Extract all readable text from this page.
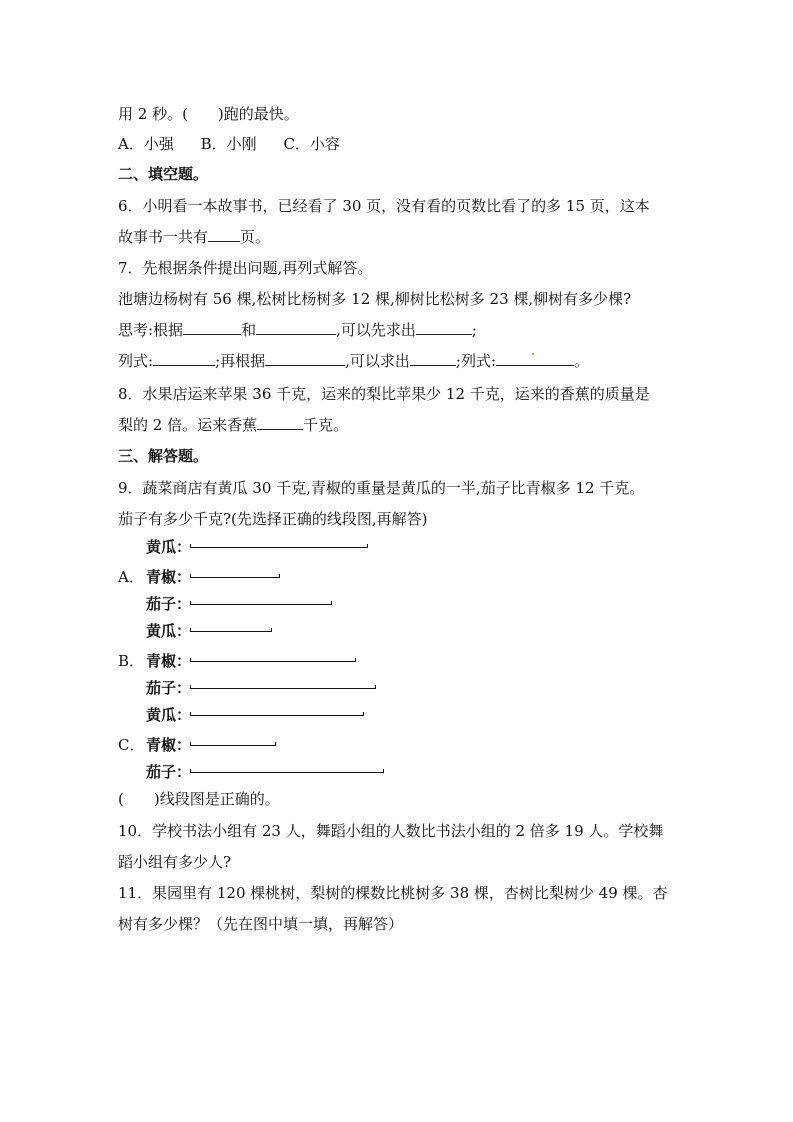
用 2 秒。(　　)跑的最快。
A．小强 B．小刚 C．小容
二、填空题。
6．小明看一本故事书，已经看了 30 页，没有看的页数比看了的多 15 页，这本
故事书一共有 页。
7．先根据条件提出问题,再列式解答。
池塘边杨树有 56 棵,松树比杨树多 12 棵,柳树比松树多 23 棵,柳树有多少棵?
思考:根据	和	,可以先求出	;
列式:	;再根据	,可以求出	;列式:	。
8．水果店运来苹果 36 千克，运来的梨比苹果少 12 千克，运来的香蕉的质量是
梨的 2 倍。运来香蕉	千克。
三、解答题。
9．蔬菜商店有黄瓜 30 千克,青椒的重量是黄瓜的一半,茄子比青椒多 12 千克。
茄子有多少千克?(先选择正确的线段图,再解答)
黄瓜：
A． 青椒：
茄子：
黄瓜：
B． 青椒：
茄子：
黄瓜：
C． 青椒：
茄子：
(　　)线段图是正确的。
10．学校书法小组有 23 人，舞蹈小组的人数比书法小组的 2 倍多 19 人。学校舞
蹈小组有多少人?
11．果园里有 120 棵桃树，梨树的棵数比桃树多 38 棵，杏树比梨树少 49 棵。杏
树有多少棵？（先在图中填一填，再解答）
